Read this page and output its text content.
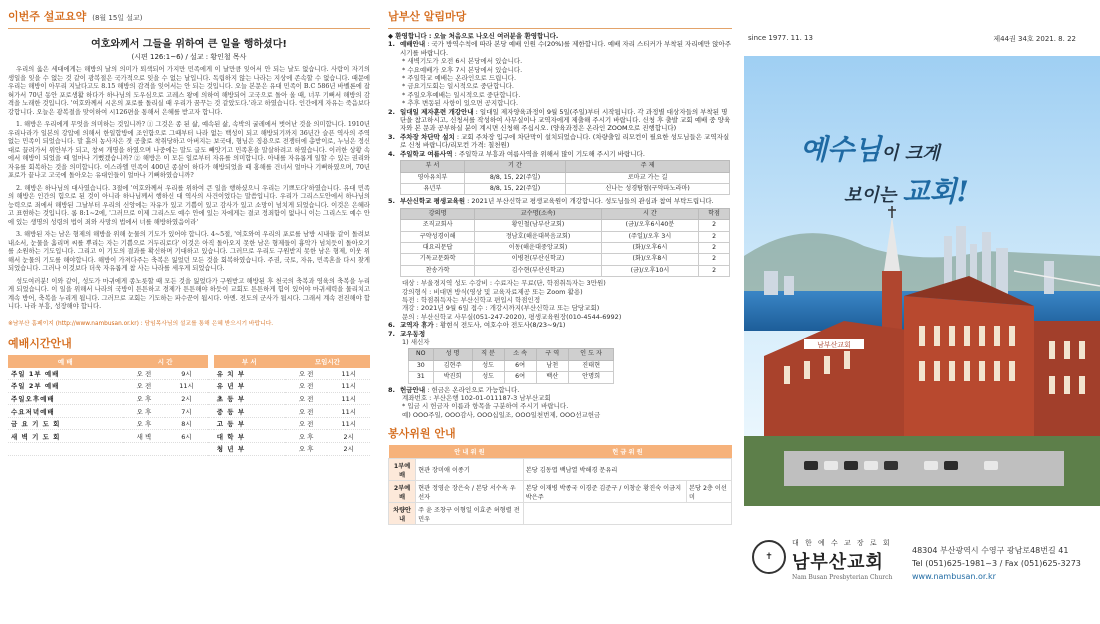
이번주 설교요약 (8월 15일 설교)
여호와께서 그들을 위하여 큰 일을 행하셨다!
(시편 126:1~6) / 설교 : 황인철 목사
우리의 옳은 세대에게는 해방의 날의 의미가 퇴색되어 가지만 민족에게 이 날만큼 잊어서 안 되는 날도 없습니다. 사람이 자기의 생일을 잊을 수 없는 것 같이 광복절은 국가적으로 잊을 수 없는 날입니다. 독립하지 않는 나라는 지상에 존속할 수 없습니다. 때문에 우리는 해방이 아무리 지났다고도 8.15 해방의 감격을 잊어서는 안 되는 것입니다. 오늘 본문은 유대 민족이 B.C 586년 바벨론에 잡혀가서 70년 동안 포로생활 하다가 하나님의 도우심으로 고레스 왕에 의하여 해방되어 고국으로 돌아 올 때, 너무 기뻐서 해방의 감격을 노래한 것입니다. '여호와께서 시온의 포로를 돌리실 때 우리가 꿈꾸는 것 같았도다.'라고 하였습니다. 인간에게 자유는 죽음보다 강합니다. 오늘은 광복절을 맞이하여 시126편을 통해서 은혜를 받고자 합니다.
1. 해방은 우리에게 무엇을 의미하는 것입니까? ① 그것은 종 된 삶, 예속된 삶, 속박의 굴레에서 벗어난 것을 의미합니다. 1910년 우리나라가 일본의 강압에 의해서 한일합방에 조인함으로 그때부터 나라 없는 백성이 되고 해방되기까지 36년간 슬픈 역사의 주역 없는 민족이 되었습니다. 말 흙의 농사자은 겻 공출로 착취당하고 아버지는 보국대, 형님은 징용으로 전쟁터에 총받이로, 누님은 정신대로 끌려가서 위안부가 되고, 창씨 개명을 하였으며 나중에는 말도 글도 빼앗기고 민족혼을 말살하려고 하였습니다. 이러한 상황 속에서 해방이 되었을 때 얼마나 기뻤겠습니까? ② 해방은 이 모든 일로부터 자유를 의미합니다. 아내를 자유롭게 일할 수 있는 권리와 자유를 회복하는 것을 의미합니다. 이스라엘 민족이 400년 종살이 하다가 해방되었을 때 홍해를 건너서 얼마나 기뻐하였으며, 70년 포로가 끝나고 고국에 돌아오는 유대인들이 얼마나 기뻐하였습니까?
2. 해방은 하나님의 대사였습니다. 3절에 '여호와께서 우리를 위하여 큰 일을 행하셨으니 우리는 기쁘도다'하였습니다. 유대 민족의 해방은 인간의 힘으로 된 것이 아니라 하나님께서 행하신 대 역사의 사건이었다는 말씀입니다. 우리가 그리스도안에서 하나님의 능력으로 죄에서 해방된 그날부터 우리의 신앙에는 자유가 있고 기쁨이 있고 감사가 있고 소망이 넘치게 되었습니다. 이것은 은혜라고 표현하는 것입니다. 롬 8:1~2에, '그러므로 이제 그리스도 예수 안에 있는 자에게는 결코 정죄함이 없나니 이는 그리스도 예수 안에 있는 생명의 성령의 법이 죄와 사망의 법에서 너를 해방하였음이라'
3. 해방된 자는 남은 형제의 해방을 위해 눈물의 기도가 있어야 합니다. 4~5절, '여호와여 우리의 포로를 남방 시내들 같이 돌려보내소서, 눈물을 흘리며 씨를 뿌리는 자는 기쁨으로 거두리로다' 이것은 아직 돌아오지 못한 남은 형제들이 흉악가 넘치듯이 돌아오기를 소원하는 기도입니다. 그리고 이 기도의 결과를 확신하며 기대하고 있습니다. 그러므로 우리도 구원받지 못한 남은 형제, 이웃 위해서 눈물의 기도를 해야합니다. 해방이 가져다주는 축복은 잃었던 모든 것을 회복하였습니다. 주권, 국토, 자유, 민족혼을 다시 찾게 되었습니다. 그러나 이것보다 더욱 자유롭게 참 사는 나라를 세우게 되었습니다.
성도여러분! 이와 같이, 성도가 마귀에게 종노릇할 때 모든 것을 잃었다가 구원받고 해방된 후 천국의 축복과 영육의 축복을 누리게 되었습니다. 이 일을 위해서 나라의 국방이 튼튼하고 경제가 튼튼해야 하듯이 교회도 튼튼하게 힘이 있어야 마귀세력을 물리치고 계속 방어, 축복을 누리게 됩니다. 그러므로 교회는 기도하는 파수꾼이 됩시다. 아멘. 전도의 군사가 됩시다. 그래서 계속 전진해야 합니다. 나라 부흥, 성장해야 합니다.
※남부산 홈페이지 (http://www.nambusan.or.kr) : 담임목사님의 설교를 통해 은혜 받으시기 바랍니다.
예배시간안내
예 배	시 간			부 서	모임시간	
주일 1부 예배	오 전	9시		유 치 부	오 전	11시
주일 2부 예배	오 전	11시		유 년 부	오 전	11시
주일오후예배	오 후	2시		초 등 부	오 전	11시
수요저녁예배	오 후	7시		중 등 부	오 전	11시
금 요 기 도 회	오 후	8시		고 등 부	오 전	11시
새 벽 기 도 회	새 벽	6시		대 학 부	오 후	2시
				청 년 부	오 후	2시
남부산 알림마당
◆ 환영합니다 : 오늘 처음으로 나오신 여러분을 환영합니다.
1. 예배안내 : 국가 방역수칙에 따라 본당 예배 인원 수(20%)를 제한합니다. 예배 자리 스티커가 부착된 자리에만 앉아주시기를 바랍니다.
* 새벽기도가 오전 6시 본당에서 있습니다.
* 수요예배가 오후 7시 본당에서 있습니다.
* 주일학교 예배는 온라인으로 드립니다.
* 금요기도회는 일시적으로 중단합니다.
* 주일오후예배는 일시적으로 중단합니다.
* 추후 변동된 사항이 있으면 공지합니다.
2. 일대일 제자훈련 개강안내 : 일대일 제자양육과정이 9월 5일(주일)부터 시작됩니다. 각 과정별 대상자들의 부착된 명단을 참고하시고, 신청서를 작성하여 사무실이나 교역자에게 제출해 주시기 바랍니다. 신청 후 출발 교회 예배 중 양육자와 본 문과 공부하실 분이 계시면 신청해 주십시오. (양육과정은 온라인 ZOOM으로 진행합니다)
3. 주차장 차단막 설치 : 교회 주차장 입구에 차단막이 설치되었습니다. (차량출입 리모컨이 필요한 성도님들은 교역자실로 신청 바랍니다/리모컨 가격: 칠천원)
4. 주일학교 여름사역 : 주일학교 부흥과 여름사역을 위해서 많이 기도해 주시기 바랍니다.
부 서	기 간	주 제
영아유치부	8/8, 15, 22(주일)	로마교 가는 길
유년부	8/8, 15, 22(주일)	신나는 성경탐험(구약파노라마)
5. 부산신학교 평생교육원 : 2021년 부산신학교 평생교육원이 개강합니다. 성도님들의 관심과 참여 부탁드립니다.
강의명	교수명(소속)	시 간	학점
조직교회사	황인철(남부산교회)	(금)/오후6시40분	2
구약성경이해	정남호(해운대복음교회)	(주일)/오후 3시	2
대요리문답	이동(해운대중앙교회)	(화)/오후6시	2
기독교문화학	이병천(부산신학교)	(화)/오후8시	2
찬송가학	김수현(부산신학교)	(금)/오후10시	2
대상 : 부울경지역 성도 수강비 : 수료자는 무료(단, 학점취득자는 3만원)
강의형식 : 비대면 방식(영상 및 교육자료제공 또는 Zoom 활용)
특전 : 학점취득자는 부산신학교 편입시 학점인정
개강 : 2021년 9월 6일 접수 : 개강시까지(부산신학교 또는 담당교회)
문의 : 부산신학교 사무실(051-247-2020), 평생교육원장(010-4544-6992)
6. 교역자 휴가 : 황현식 전도사, 여호수아 전도사(8/23~9/1)
7. 교우동정
1) 새신자
NO	성 명	직 분	소 속	구 역	인 도 자
30	김현주	성도	6여	남천	진태현
31	박진희	성도	6여	백산	안명희
8. 헌금안내 : 헌금은 온라인으로 가능합니다.
계좌번호 : 부산은행 102-01-011187-3 남부산교회
* 입금 시 헌금자 이름과 항목을 구분하여 주시기 바랍니다.
예) OOO주일, OOO감사, OOO십일조, OOO일천번제, OOO선교헌금
봉사위원 안내
	안 내 위 원	헌 금 위 원	
1부예배	현관 장미애 이종기	본당 김동엽 백남열 박해경 문유리	
2부예배	현관 정영순 장은숙 / 본당 서수옥 우선자	본당 이재병 박종국 이경준 김준구 / 이창순 황진숙 이금지 박은주	본당 2층 이선미
차량안내	주 윤 조창구 이형일 이효준 허형렬 전민우		
since 1977. 11. 13	제44권 34호 2021. 8. 22
남부산교회
예수님이 크게
보이는 교회!
✝
대 한 예 수 교 장 로 회
남부산교회
Nam Busan Presbyterian Church
48304 부산광역시 수영구 광남로48번길 41
Tel (051)625-1981~3 / Fax (051)625-3273
www.nambusan.or.kr
